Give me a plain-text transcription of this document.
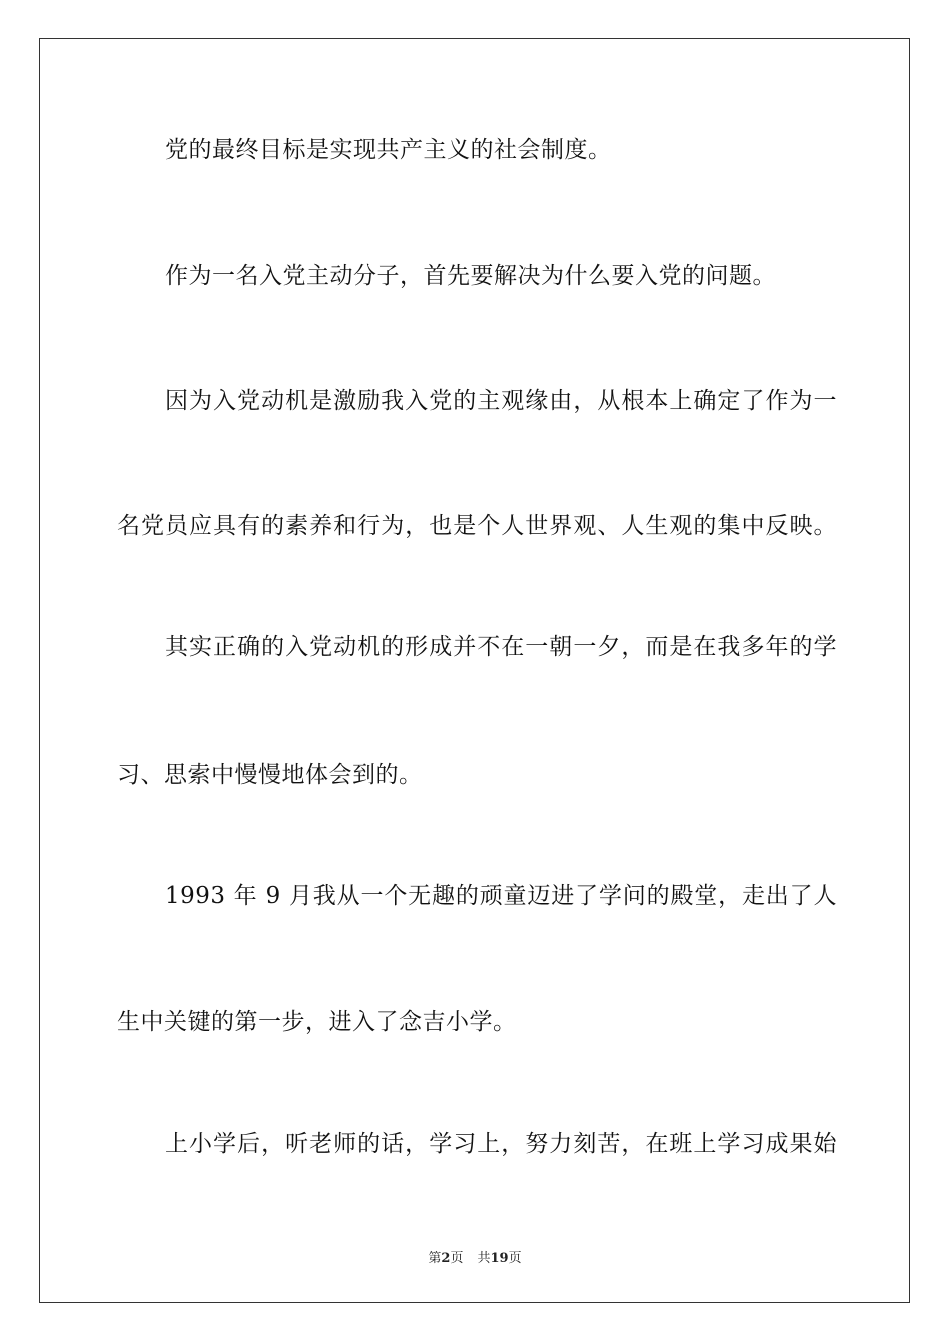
党的最终目标是实现共产主义的社会制度。
作为一名入党主动分子，首先要解决为什么要入党的问题。
因为入党动机是激励我入党的主观缘由，从根本上确定了作为一
名党员应具有的素养和行为，也是个人世界观、人生观的集中反映。
其实正确的入党动机的形成并不在一朝一夕，而是在我多年的学
习、思索中慢慢地体会到的。
1993 年 9 月我从一个无趣的顽童迈进了学问的殿堂，走出了人
生中关键的第一步，进入了念吉小学。
上小学后，听老师的话，学习上，努力刻苦，在班上学习成果始
第2页 共19页
